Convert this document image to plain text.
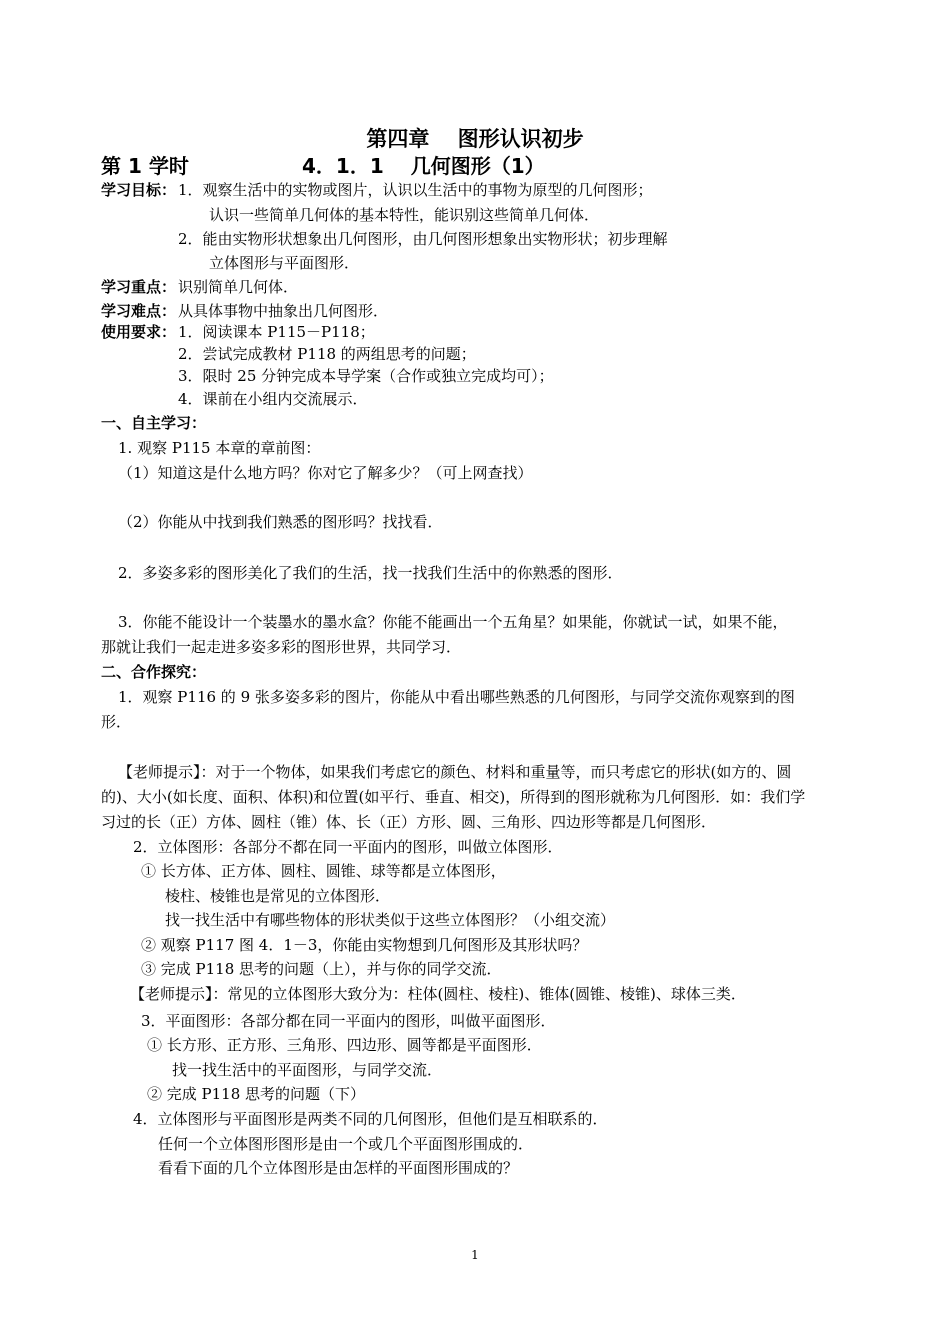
第四章　 图形认识初步
第 1 学时	4．1．1　 几何图形（1）
学习目标： 1．观察生活中的实物或图片，认识以生活中的事物为原型的几何图形；
认识一些简单几何体的基本特性，能识别这些简单几何体．
2．能由实物形状想象出几何图形，由几何图形想象出实物形状；初步理解
立体图形与平面图形．
学习重点： 识别简单几何体．
学习难点： 从具体事物中抽象出几何图形．
使用要求： 1．阅读课本 P115－P118；
2．尝试完成教材 P118 的两组思考的问题；
3．限时 25 分钟完成本导学案（合作或独立完成均可）；
4．课前在小组内交流展示．
一、自主学习：
1. 观察 P115 本章的章前图：
（1）知道这是什么地方吗？你对它了解多少？（可上网查找）
（2）你能从中找到我们熟悉的图形吗？找找看．
2．多姿多彩的图形美化了我们的生活，找一找我们生活中的你熟悉的图形．
3．你能不能设计一个装墨水的墨水盒？你能不能画出一个五角星？如果能，你就试一试，如果不能，
那就让我们一起走进多姿多彩的图形世界，共同学习．
二、合作探究：
1．观察 P116 的 9 张多姿多彩的图片，你能从中看出哪些熟悉的几何图形，与同学交流你观察到的图
形．
【老师提示】：对于一个物体，如果我们考虑它的颜色、材料和重量等，而只考虑它的形状(如方的、圆
的)、大小(如长度、面积、体积)和位置(如平行、垂直、相交)，所得到的图形就称为几何图形．如：我们学
习过的长（正）方体、圆柱（锥）体、长（正）方形、圆、三角形、四边形等都是几何图形．
2．立体图形：各部分不都在同一平面内的图形，叫做立体图形．
① 长方体、正方体、圆柱、圆锥、球等都是立体图形，
棱柱、棱锥也是常见的立体图形．
找一找生活中有哪些物体的形状类似于这些立体图形？（小组交流）
② 观察 P117 图 4．1－3，你能由实物想到几何图形及其形状吗？
③ 完成 P118 思考的问题（上），并与你的同学交流．
【老师提示】：常见的立体图形大致分为：柱体(圆柱、棱柱)、锥体(圆锥、棱锥)、球体三类．
3．平面图形：各部分都在同一平面内的图形，叫做平面图形．
① 长方形、正方形、三角形、四边形、圆等都是平面图形．
找一找生活中的平面图形，与同学交流．
② 完成 P118 思考的问题（下）
4．立体图形与平面图形是两类不同的几何图形，但他们是互相联系的．
任何一个立体图形图形是由一个或几个平面图形围成的．
看看下面的几个立体图形是由怎样的平面图形围成的？
1
